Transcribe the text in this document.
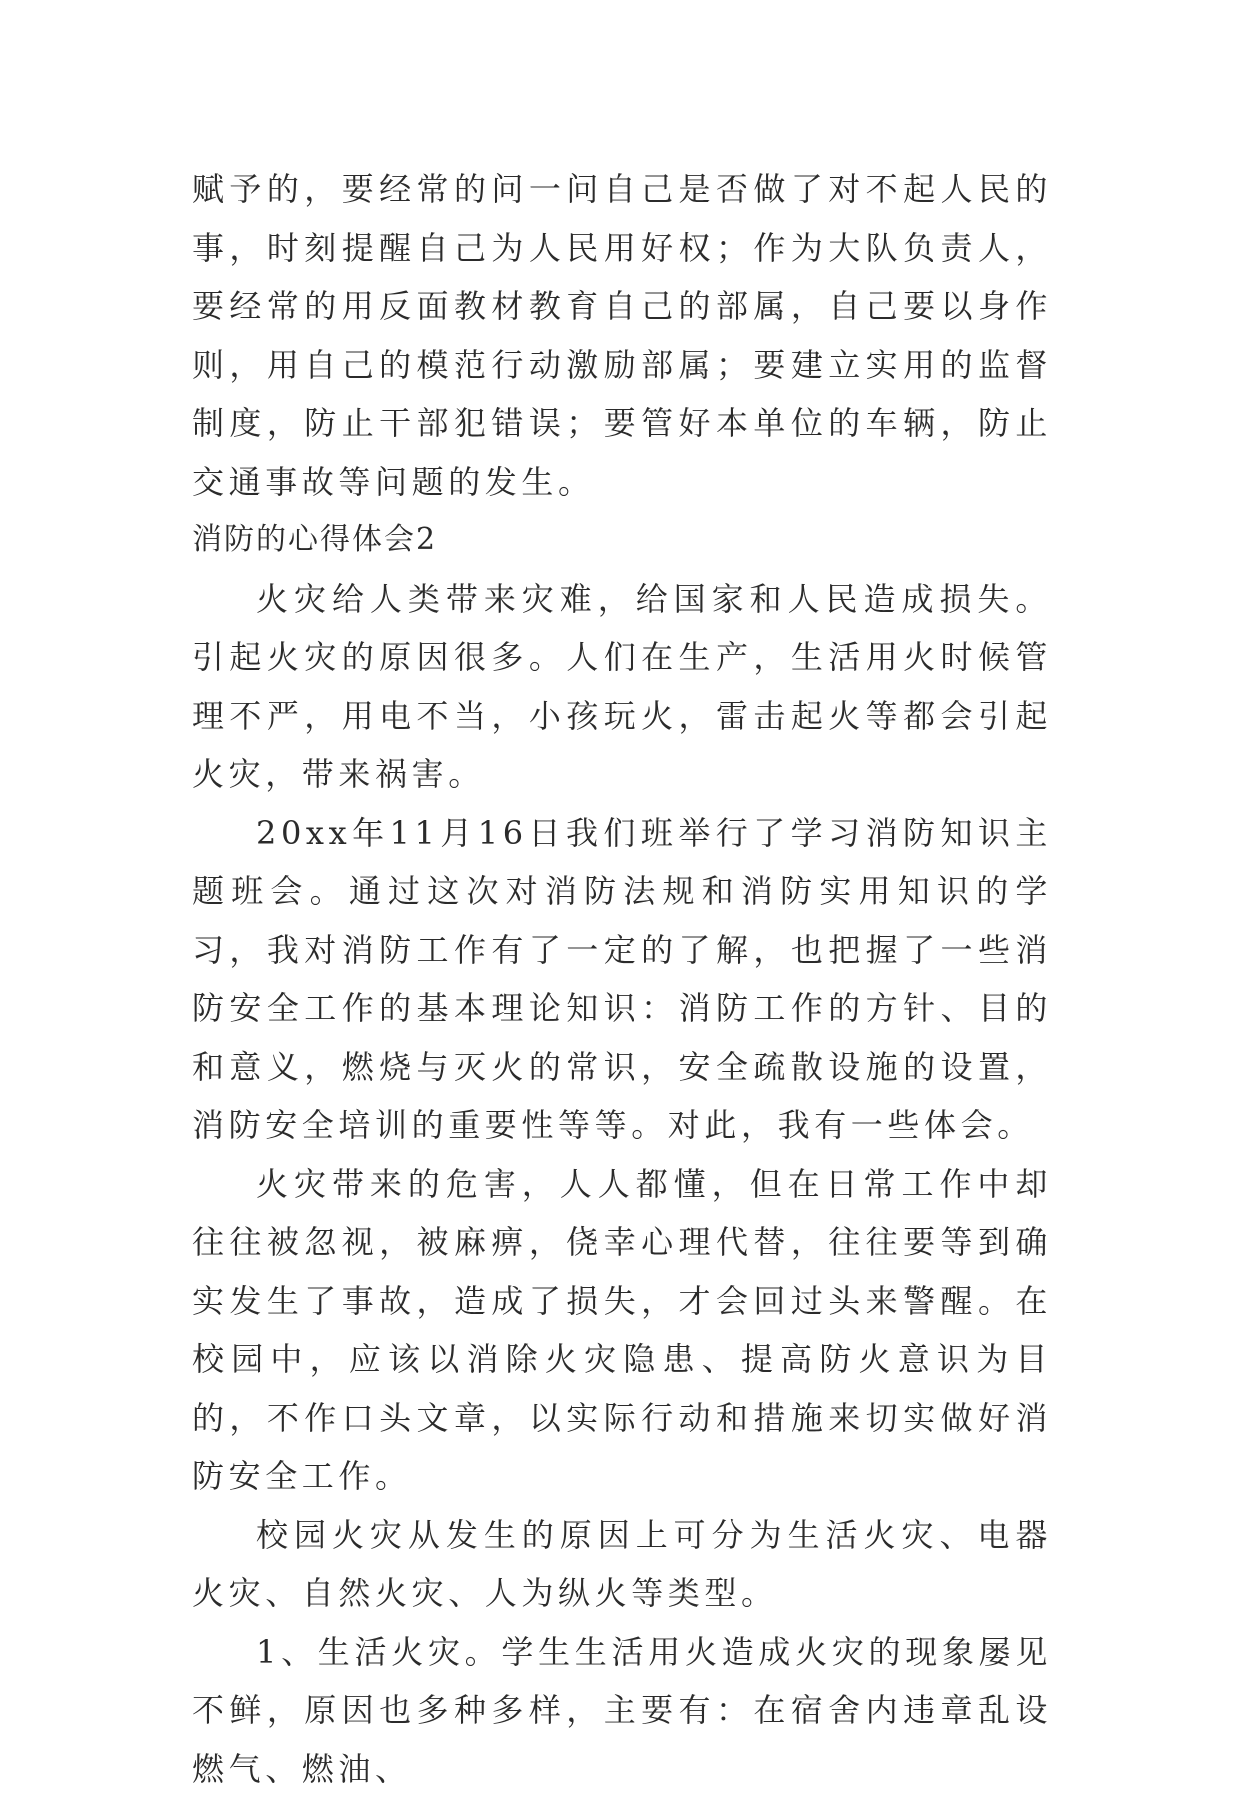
赋予的，要经常的问一问自己是否做了对不起人民的事，时刻提醒自己为人民用好权；作为大队负责人，要经常的用反面教材教育自己的部属，自己要以身作则，用自己的模范行动激励部属；要建立实用的监督制度，防止干部犯错误；要管好本单位的车辆，防止交通事故等问题的发生。

消防的心得体会2

火灾给人类带来灾难，给国家和人民造成损失。引起火灾的原因很多。人们在生产，生活用火时候管理不严，用电不当，小孩玩火，雷击起火等都会引起火灾，带来祸害。

20xx年11月16日我们班举行了学习消防知识主题班会。通过这次对消防法规和消防实用知识的学习，我对消防工作有了一定的了解，也把握了一些消防安全工作的基本理论知识：消防工作的方针、目的和意义，燃烧与灭火的常识，安全疏散设施的设置，消防安全培训的重要性等等。对此，我有一些体会。

火灾带来的危害，人人都懂，但在日常工作中却往往被忽视，被麻痹，侥幸心理代替，往往要等到确实发生了事故，造成了损失，才会回过头来警醒。在校园中，应该以消除火灾隐患、提高防火意识为目的，不作口头文章，以实际行动和措施来切实做好消防安全工作。

校园火灾从发生的原因上可分为生活火灾、电器火灾、自然火灾、人为纵火等类型。

1、生活火灾。学生生活用火造成火灾的现象屡见不鲜，原因也多种多样，主要有：在宿舍内违章乱设燃气、燃油、
